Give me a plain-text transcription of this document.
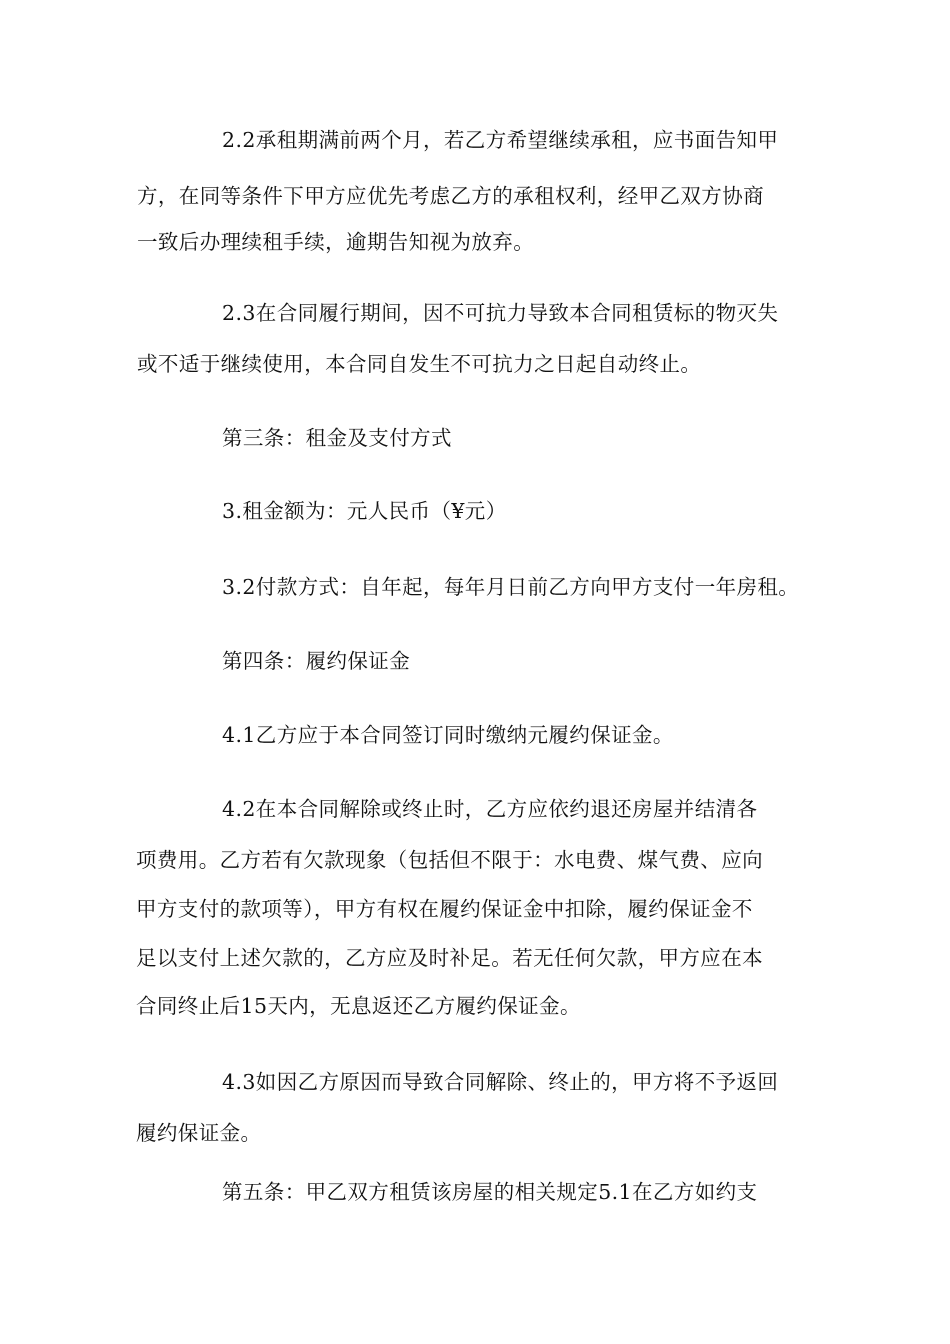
2.2承租期满前两个月，若乙方希望继续承租，应书面告知甲
方，在同等条件下甲方应优先考虑乙方的承租权利，经甲乙双方协商
一致后办理续租手续，逾期告知视为放弃。
2.3在合同履行期间，因不可抗力导致本合同租赁标的物灭失
或不适于继续使用，本合同自发生不可抗力之日起自动终止。
第三条：租金及支付方式
3.租金额为：元人民币（¥元）
3.2付款方式：自年起，每年月日前乙方向甲方支付一年房租。
第四条：履约保证金
4.1乙方应于本合同签订同时缴纳元履约保证金。
4.2在本合同解除或终止时，乙方应依约退还房屋并结清各
项费用。乙方若有欠款现象（包括但不限于：水电费、煤气费、应向
甲方支付的款项等），甲方有权在履约保证金中扣除，履约保证金不
足以支付上述欠款的，乙方应及时补足。若无任何欠款，甲方应在本
合同终止后15天内，无息返还乙方履约保证金。
4.3如因乙方原因而导致合同解除、终止的，甲方将不予返回
履约保证金。
第五条：甲乙双方租赁该房屋的相关规定5.1在乙方如约支
